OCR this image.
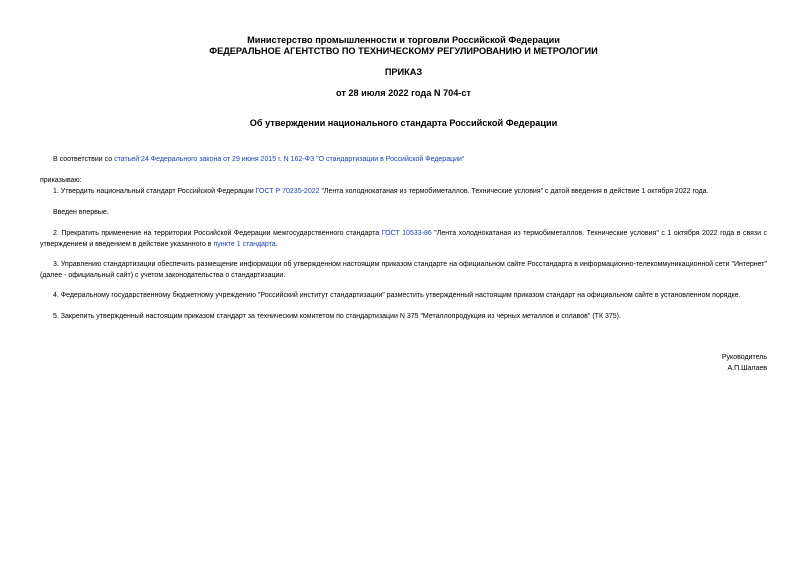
Министерство промышленности и торговли Российской Федерации
ФЕДЕРАЛЬНОЕ АГЕНТСТВО ПО ТЕХНИЧЕСКОМУ РЕГУЛИРОВАНИЮ И МЕТРОЛОГИИ
ПРИКАЗ
от 28 июля 2022 года N 704-ст
Об утверждении национального стандарта Российской Федерации
В соответствии со статьей 24 Федерального закона от 29 июня 2015 г. N 162-ФЗ "О стандартизации в Российской Федерации"
приказываю:
1. Утвердить национальный стандарт Российской Федерации ГОСТ Р 70235-2022 "Лента холоднокатаная из термобиметаллов. Технические условия" с датой введения в действие 1 октября 2022 года.
Введен впервые.
2. Прекратить применение на территории Российской Федерации межгосударственного стандарта ГОСТ 10533-86 "Лента холоднокатаная из термобиметаллов. Технические условия" с 1 октября 2022 года в связи с утверждением и введением в действие указанного в пункте 1 стандарта.
3. Управлению стандартизации обеспечить размещение информации об утвержденном настоящим приказом стандарте на официальном сайте Росстандарта в информационно-телекоммуникационной сети "Интернет" (далее - официальный сайт) с учетом законодательства о стандартизации.
4. Федеральному государственному бюджетному учреждению "Российский институт стандартизации" разместить утвержденный настоящим приказом стандарт на официальном сайте в установленном порядке.
5. Закрепить утвержденный настоящим приказом стандарт за техническим комитетом по стандартизации N 375 "Металлопродукция из черных металлов и сплавов" (ТК 375).
Руководитель
А.П.Шалаев
